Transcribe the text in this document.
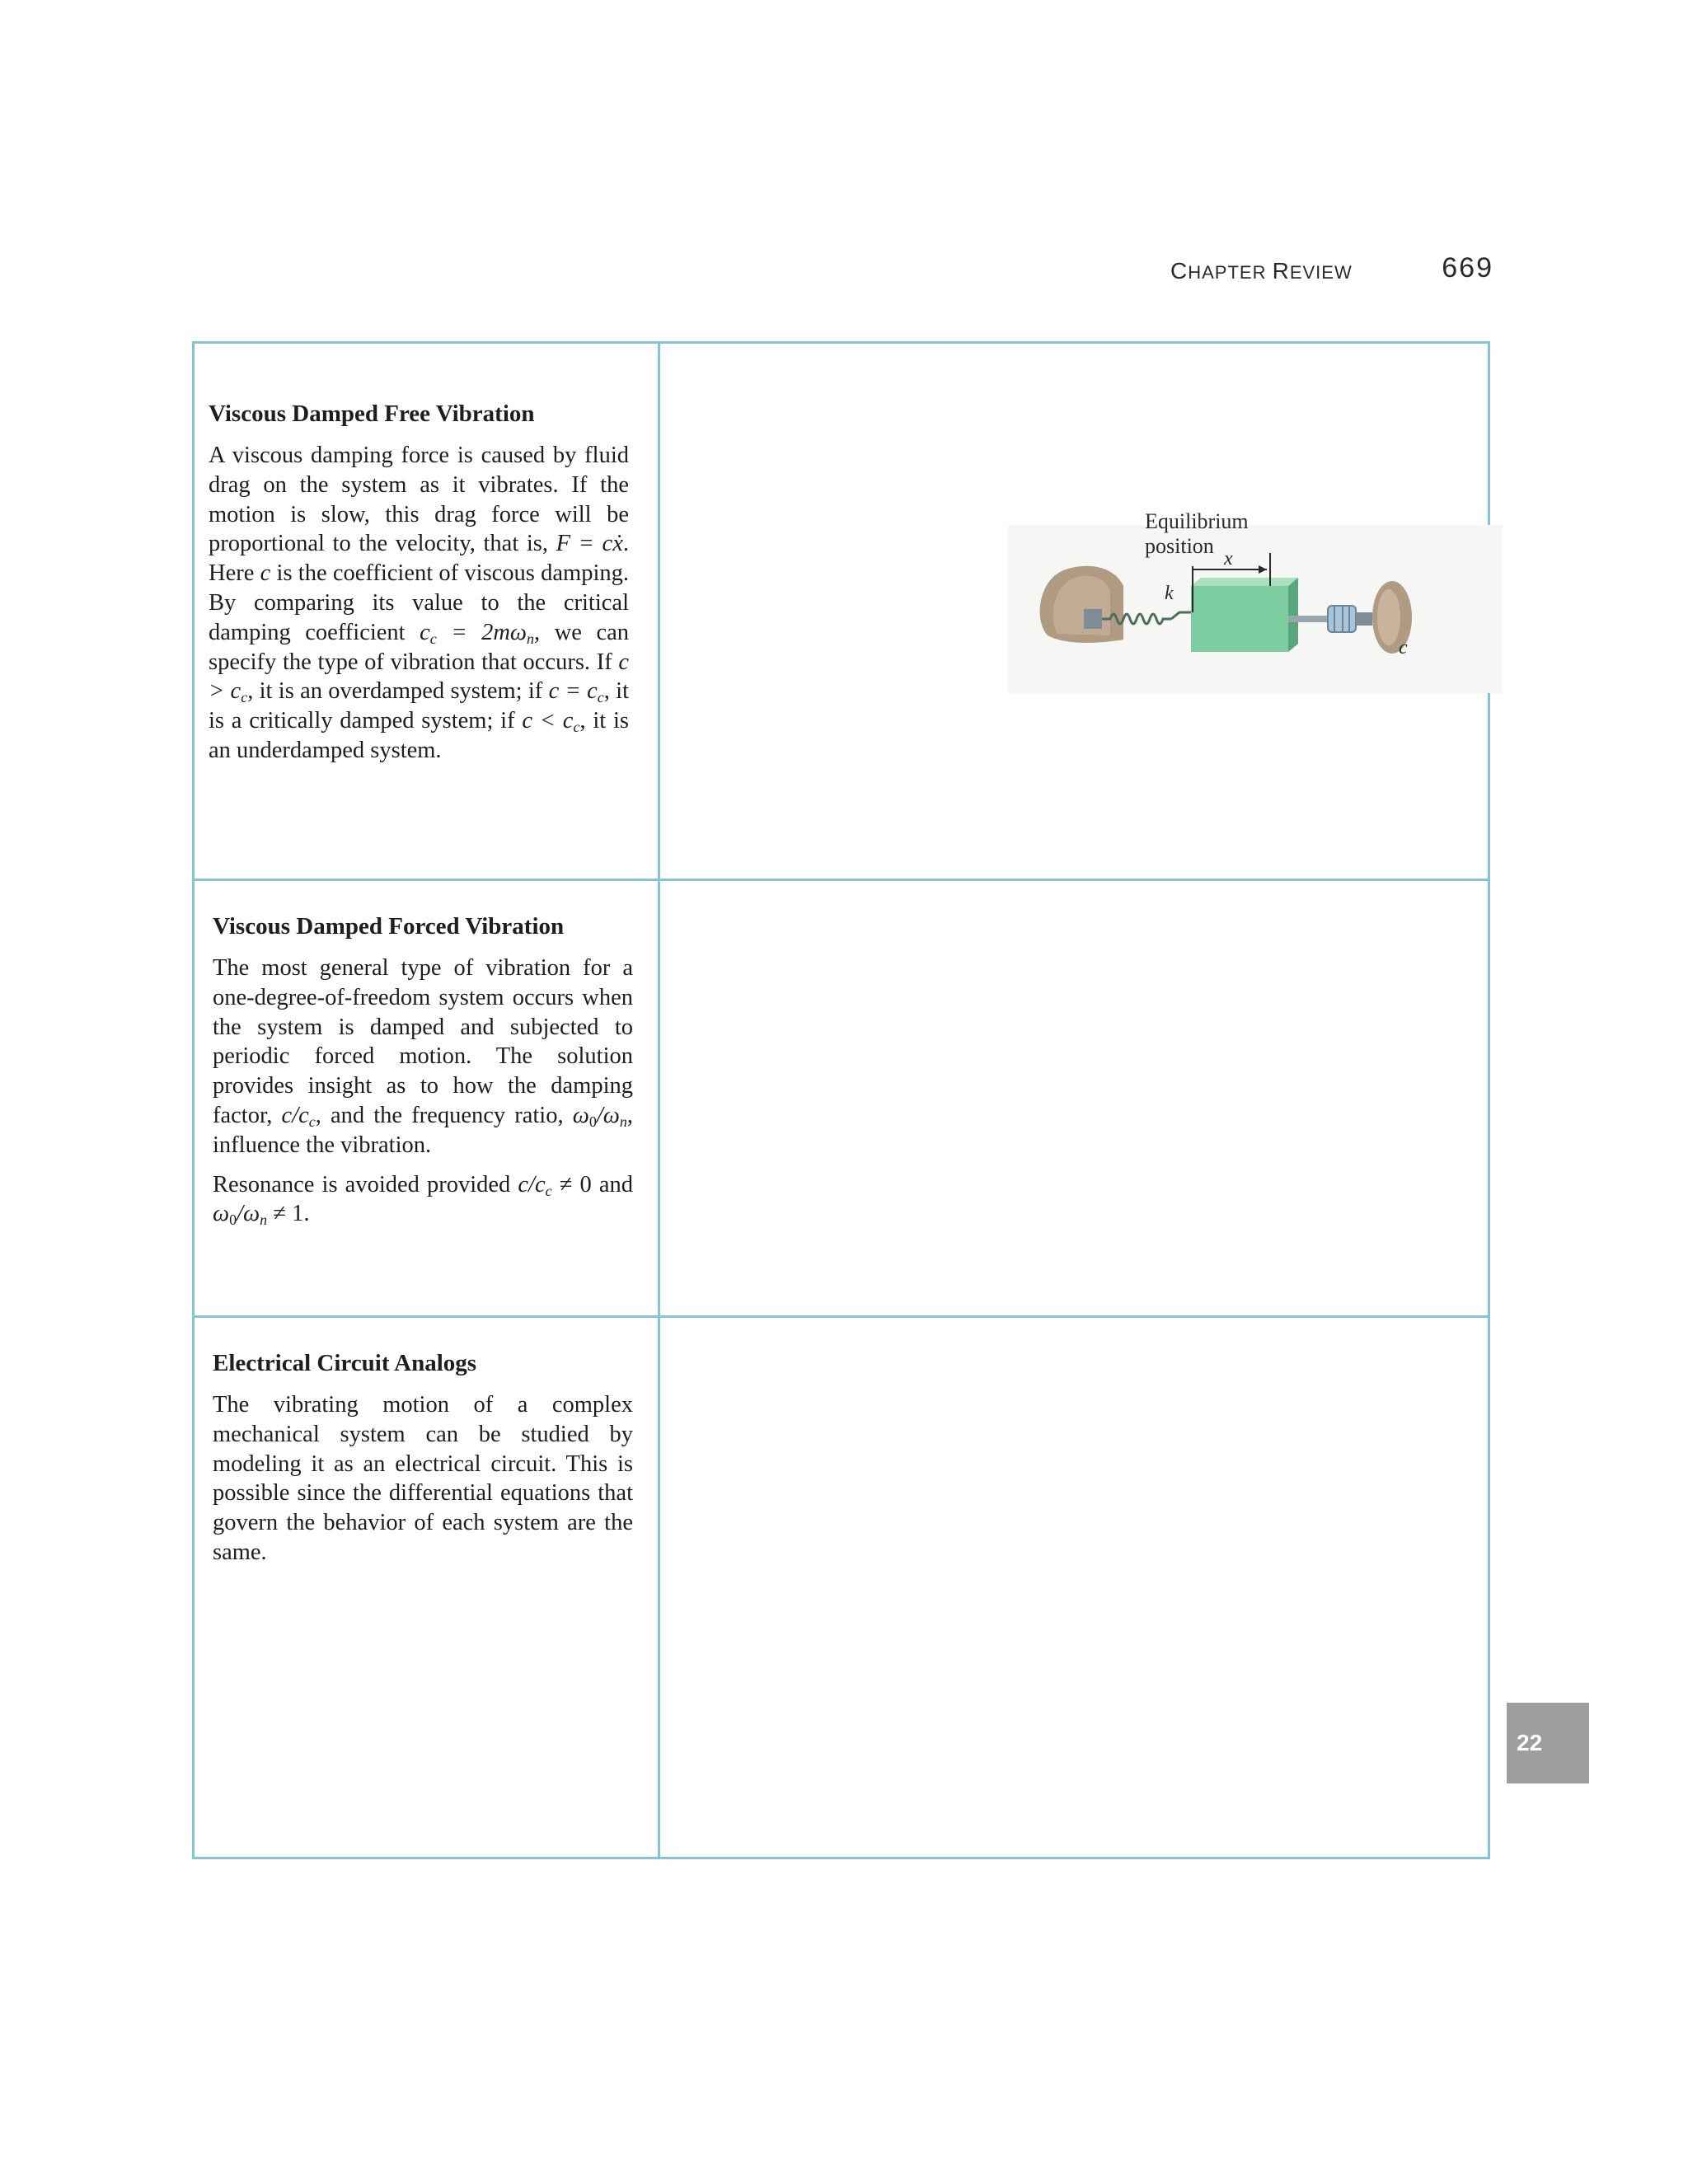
CHAPTER REVIEW	669
Viscous Damped Free Vibration

A viscous damping force is caused by fluid drag on the system as it vibrates. If the motion is slow, this drag force will be proportional to the velocity, that is, F = cẋ. Here c is the coefficient of viscous damping. By comparing its value to the critical damping coefficient $c_c = 2m\omega_n$, we can specify the type of vibration that occurs. If $c > c_c$, it is an overdamped system; if $c = c_c$, it is a critically damped system; if $c < c_c$, it is an underdamped system.

Equilibrium
position
x
k
c
Viscous Damped Forced Vibration

The most general type of vibration for a one-degree-of-freedom system occurs when the system is damped and subjected to periodic forced motion. The solution provides insight as to how the damping factor, $c/c_c$, and the frequency ratio, $\omega_0/\omega_n$, influence the vibration.

Resonance is avoided provided $c/c_c \ne 0$ and $\omega_0/\omega_n \ne 1$.

Electrical Circuit Analogs

The vibrating motion of a complex mechanical system can be studied by modeling it as an electrical circuit. This is possible since the differential equations that govern the behavior of each system are the same.

22
